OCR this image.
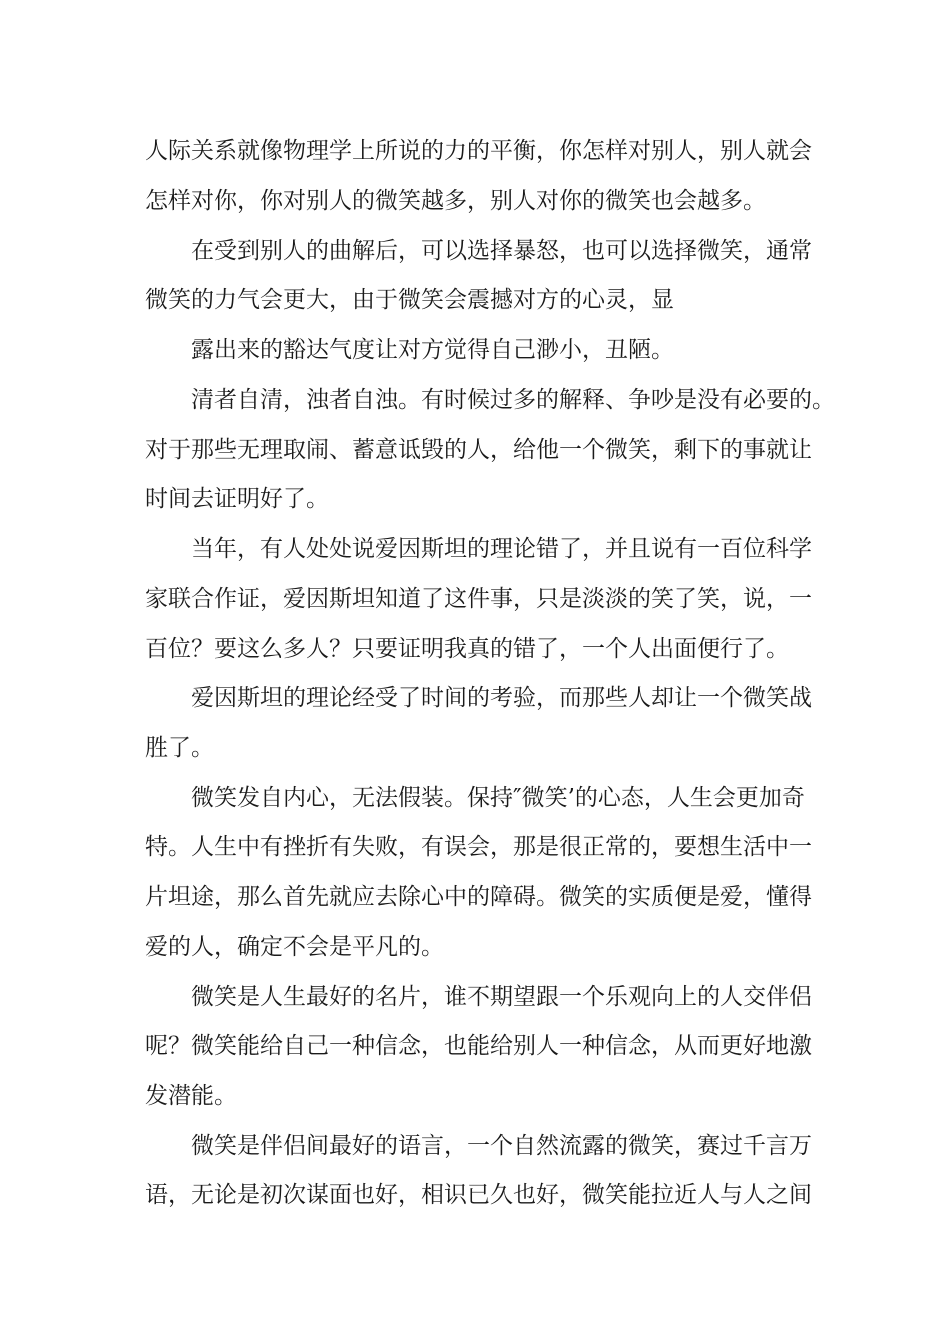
人际关系就像物理学上所说的力的平衡，你怎样对别人，别人就会
怎样对你，你对别人的微笑越多，别人对你的微笑也会越多。
在受到别人的曲解后，可以选择暴怒，也可以选择微笑，通常
微笑的力气会更大，由于微笑会震撼对方的心灵，显
露出来的豁达气度让对方觉得自己渺小，丑陋。
清者自清，浊者自浊。有时候过多的解释、争吵是没有必要的。
对于那些无理取闹、蓄意诋毁的人，给他一个微笑，剩下的事就让
时间去证明好了。
当年，有人处处说爱因斯坦的理论错了，并且说有一百位科学
家联合作证，爱因斯坦知道了这件事，只是淡淡的笑了笑，说，一
百位？要这么多人？只要证明我真的错了，一个人出面便行了。
爱因斯坦的理论经受了时间的考验，而那些人却让一个微笑战
胜了。
微笑发自内心，无法假装。保持″微笑’的心态，人生会更加奇
特。人生中有挫折有失败，有误会，那是很正常的，要想生活中一
片坦途，那么首先就应去除心中的障碍。微笑的实质便是爱，懂得
爱的人，确定不会是平凡的。
微笑是人生最好的名片，谁不期望跟一个乐观向上的人交伴侣
呢？微笑能给自己一种信念，也能给别人一种信念，从而更好地激
发潜能。
微笑是伴侣间最好的语言，一个自然流露的微笑，赛过千言万
语，无论是初次谋面也好，相识已久也好，微笑能拉近人与人之间
